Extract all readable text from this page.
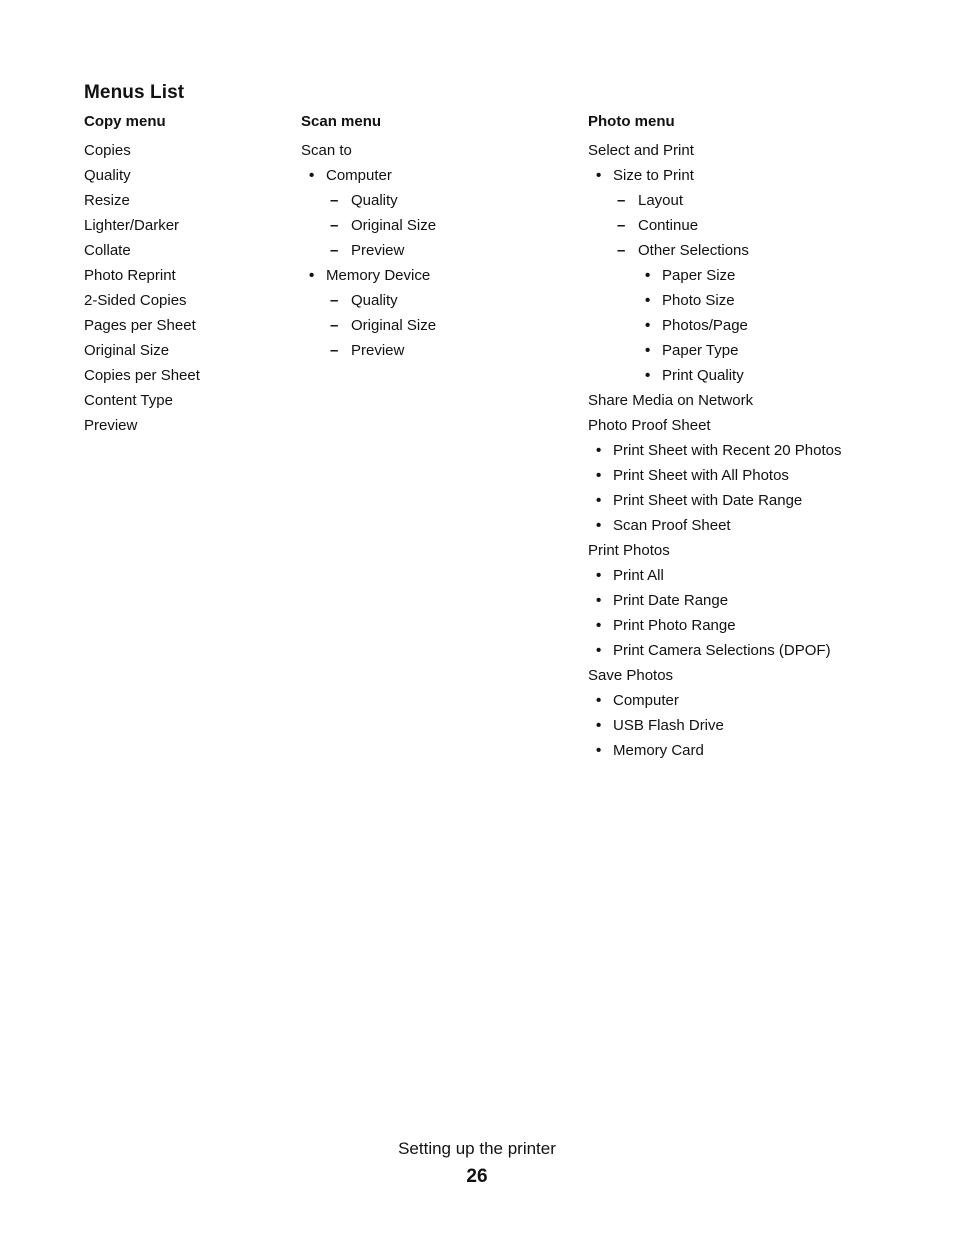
Menus List
Copy menu
Copies
Quality
Resize
Lighter/Darker
Collate
Photo Reprint
2-Sided Copies
Pages per Sheet
Original Size
Copies per Sheet
Content Type
Preview
Scan menu
Scan to
• Computer
– Quality
– Original Size
– Preview
• Memory Device
– Quality
– Original Size
– Preview
Photo menu
Select and Print
• Size to Print
– Layout
– Continue
– Other Selections
• Paper Size
• Photo Size
• Photos/Page
• Paper Type
• Print Quality
Share Media on Network
Photo Proof Sheet
• Print Sheet with Recent 20 Photos
• Print Sheet with All Photos
• Print Sheet with Date Range
• Scan Proof Sheet
Print Photos
• Print All
• Print Date Range
• Print Photo Range
• Print Camera Selections (DPOF)
Save Photos
• Computer
• USB Flash Drive
• Memory Card
Setting up the printer
26
